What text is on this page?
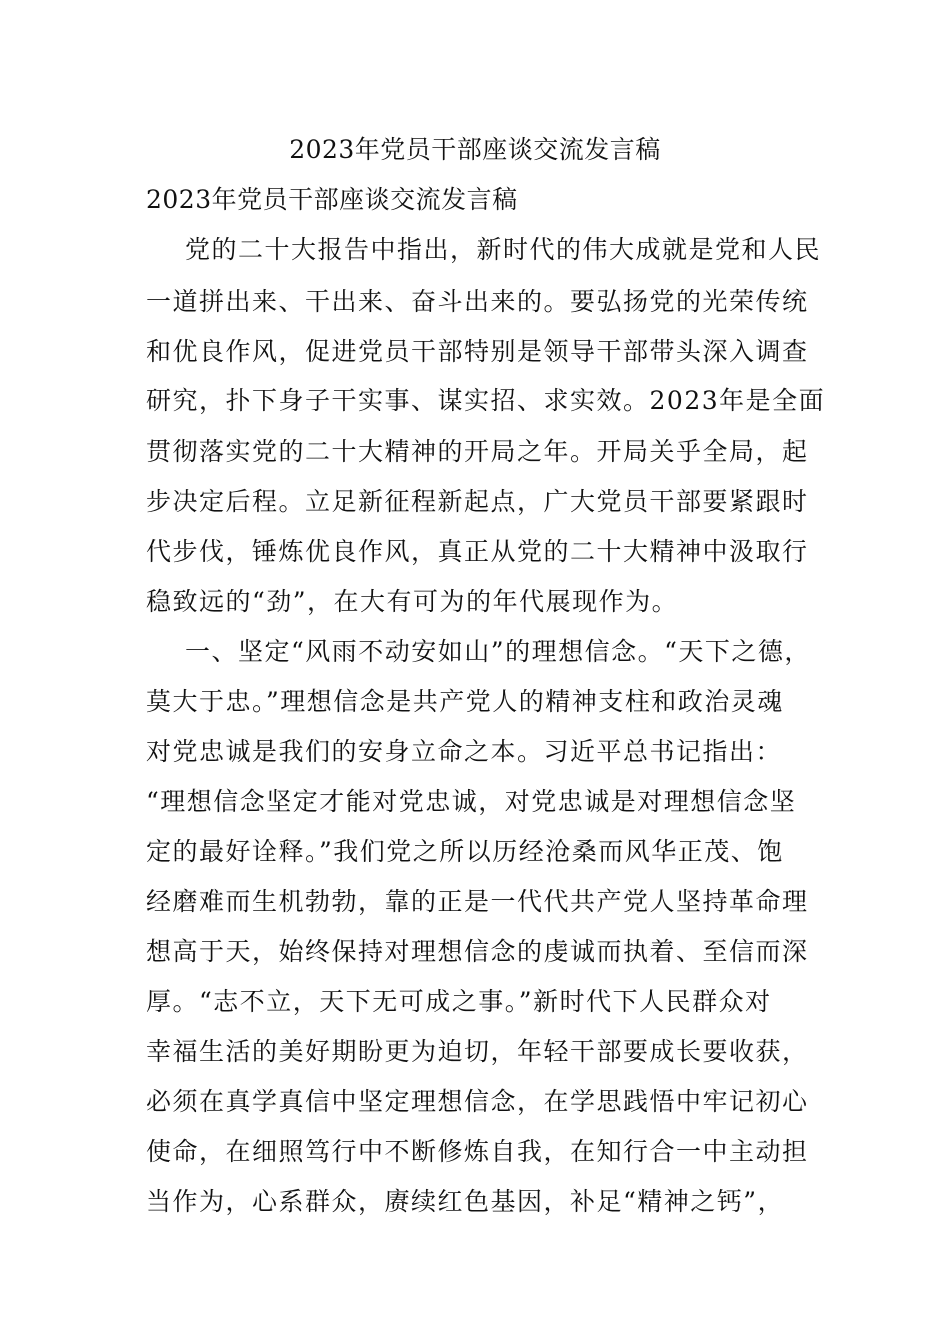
2023年党员干部座谈交流发言稿
2023年党员干部座谈交流发言稿

党的二十大报告中指出，新时代的伟大成就是党和人民

一道拼出来、干出来、奋斗出来的。要弘扬党的光荣传统

和优良作风，促进党员干部特别是领导干部带头深入调查

研究，扑下身子干实事、谋实招、求实效。2023年是全面

贯彻落实党的二十大精神的开局之年。开局关乎全局，起

步决定后程。立足新征程新起点，广大党员干部要紧跟时

代步伐，锤炼优良作风，真正从党的二十大精神中汲取行

稳致远的“劲”，在大有可为的年代展现作为。

一、坚定“风雨不动安如山”的理想信念。“天下之德，

莫大于忠。”理想信念是共产党人的精神支柱和政治灵魂

对党忠诚是我们的安身立命之本。习近平总书记指出：

“理想信念坚定才能对党忠诚，对党忠诚是对理想信念坚

定的最好诠释。”我们党之所以历经沧桑而风华正茂、饱

经磨难而生机勃勃，靠的正是一代代共产党人坚持革命理

想高于天，始终保持对理想信念的虔诚而执着、至信而深

厚。“志不立，天下无可成之事。”新时代下人民群众对

幸福生活的美好期盼更为迫切，年轻干部要成长要收获，

必须在真学真信中坚定理想信念，在学思践悟中牢记初心

使命，在细照笃行中不断修炼自我，在知行合一中主动担

当作为，心系群众，赓续红色基因，补足“精神之钙”，
